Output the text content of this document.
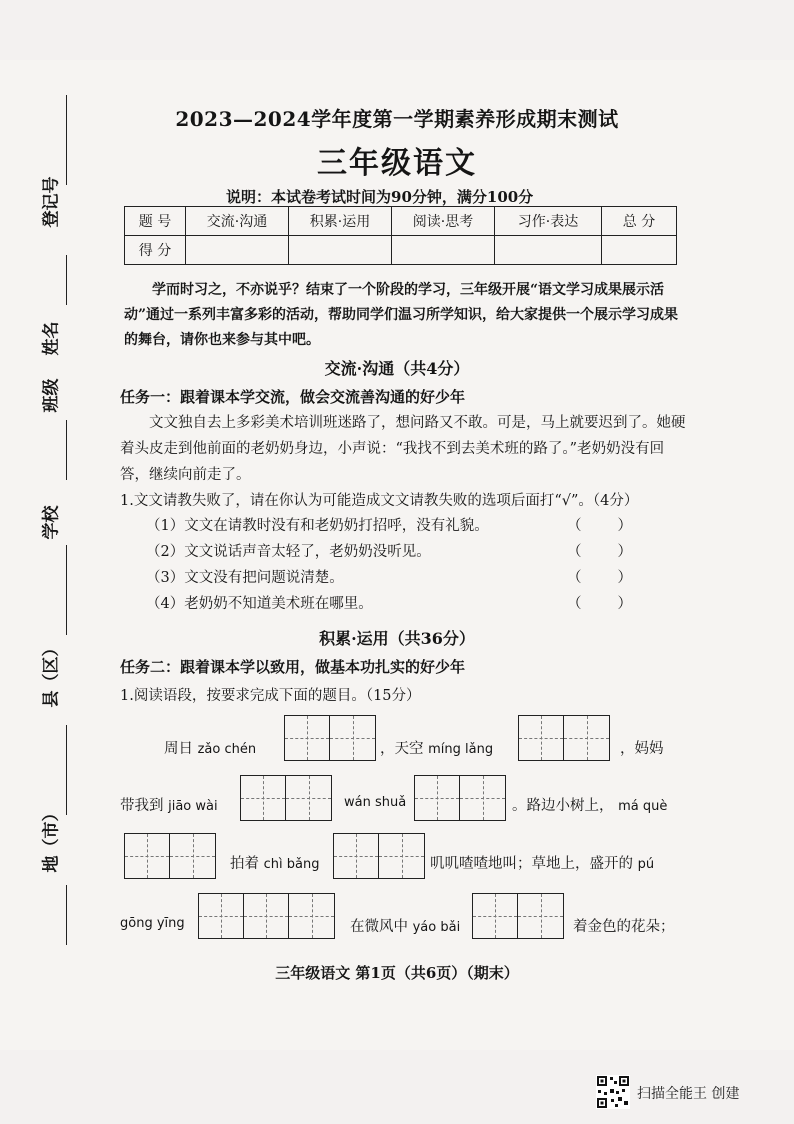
登记号
姓名
班级
学校
2023—2024学年度第一学期素养形成期末测试
三年级语文
说明：本试卷考试时间为90分钟，满分100分
题 号	交流·沟通	积累·运用	阅读·思考	习作·表达	总 分
得 分					
学而时习之，不亦说乎？结束了一个阶段的学习，三年级开展“语文学习成果展示活动”通过一系列丰富多彩的活动，帮助同学们温习所学知识，给大家提供一个展示学习成果的舞台，请你也来参与其中吧。
交流·沟通（共4分）
任务一：跟着课本学交流，做会交流善沟通的好少年
文文独自去上多彩美术培训班迷路了，想问路又不敢。可是，马上就要迟到了。她硬着头皮走到他前面的老奶奶身边，小声说：“我找不到去美术班的路了。”老奶奶没有回答，继续向前走了。
1.文文请教失败了，请在你认为可能造成文文请教失败的选项后面打“√”。（4分）
（1）文文在请教时没有和老奶奶打招呼，没有礼貌。	（ ）
（2）文文说话声音太轻了，老奶奶没听见。	（ ）
（3）文文没有把问题说清楚。	（ ）
（4）老奶奶不知道美术班在哪里。	（ ）
积累·运用（共36分）
任务二：跟着课本学以致用，做基本功扎实的好少年
1.阅读语段，按要求完成下面的题目。（15分）
周日 zǎo chén	，天空 míng lǎng	，妈妈
带我到 jiāo wài	wán shuǎ	。路边小树上， má què
拍着 chì bǎng	叽叽喳喳地叫；草地上，盛开的 pú
gōng yīng	在微风中 yáo bǎi	着金色的花朵；
三年级语文 第1页（共6页）（期末）
扫描全能王 创建
